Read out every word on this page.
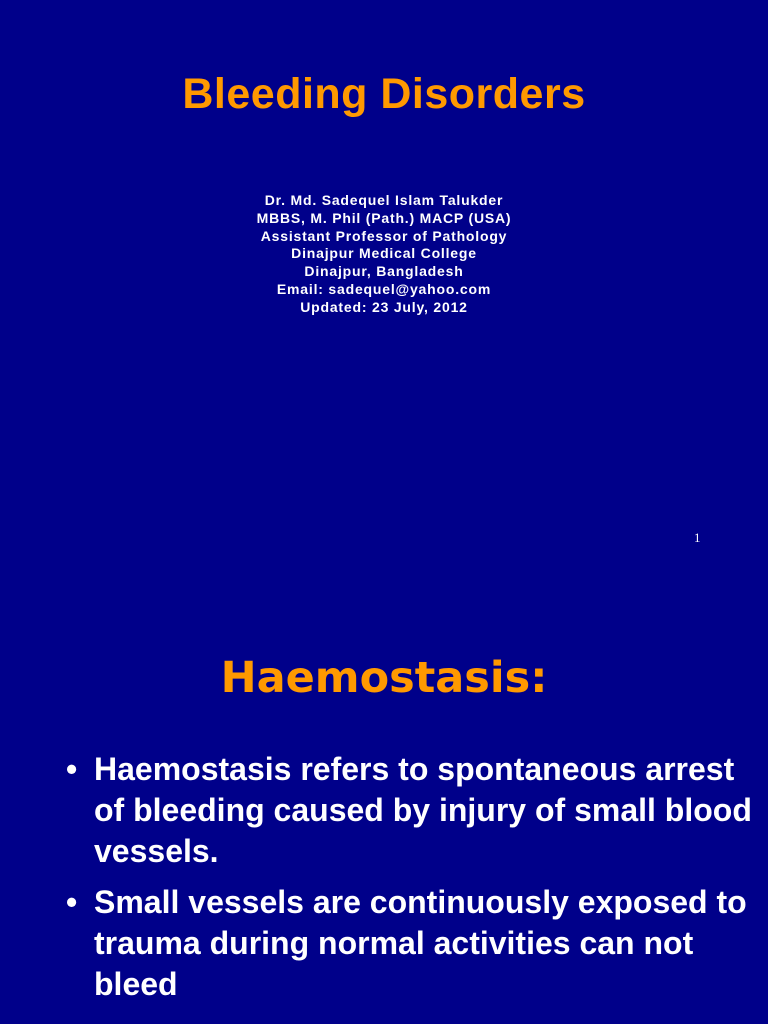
Bleeding Disorders
Dr. Md. Sadequel Islam Talukder
MBBS, M. Phil (Path.) MACP (USA)
Assistant Professor of Pathology
Dinajpur Medical College
Dinajpur, Bangladesh
Email: sadequel@yahoo.com
Updated: 23 July, 2012
1
Haemostasis:
• Haemostasis refers to spontaneous arrest of bleeding caused by injury of small blood vessels.
• Small vessels are continuously exposed to trauma during normal activities can not bleed
